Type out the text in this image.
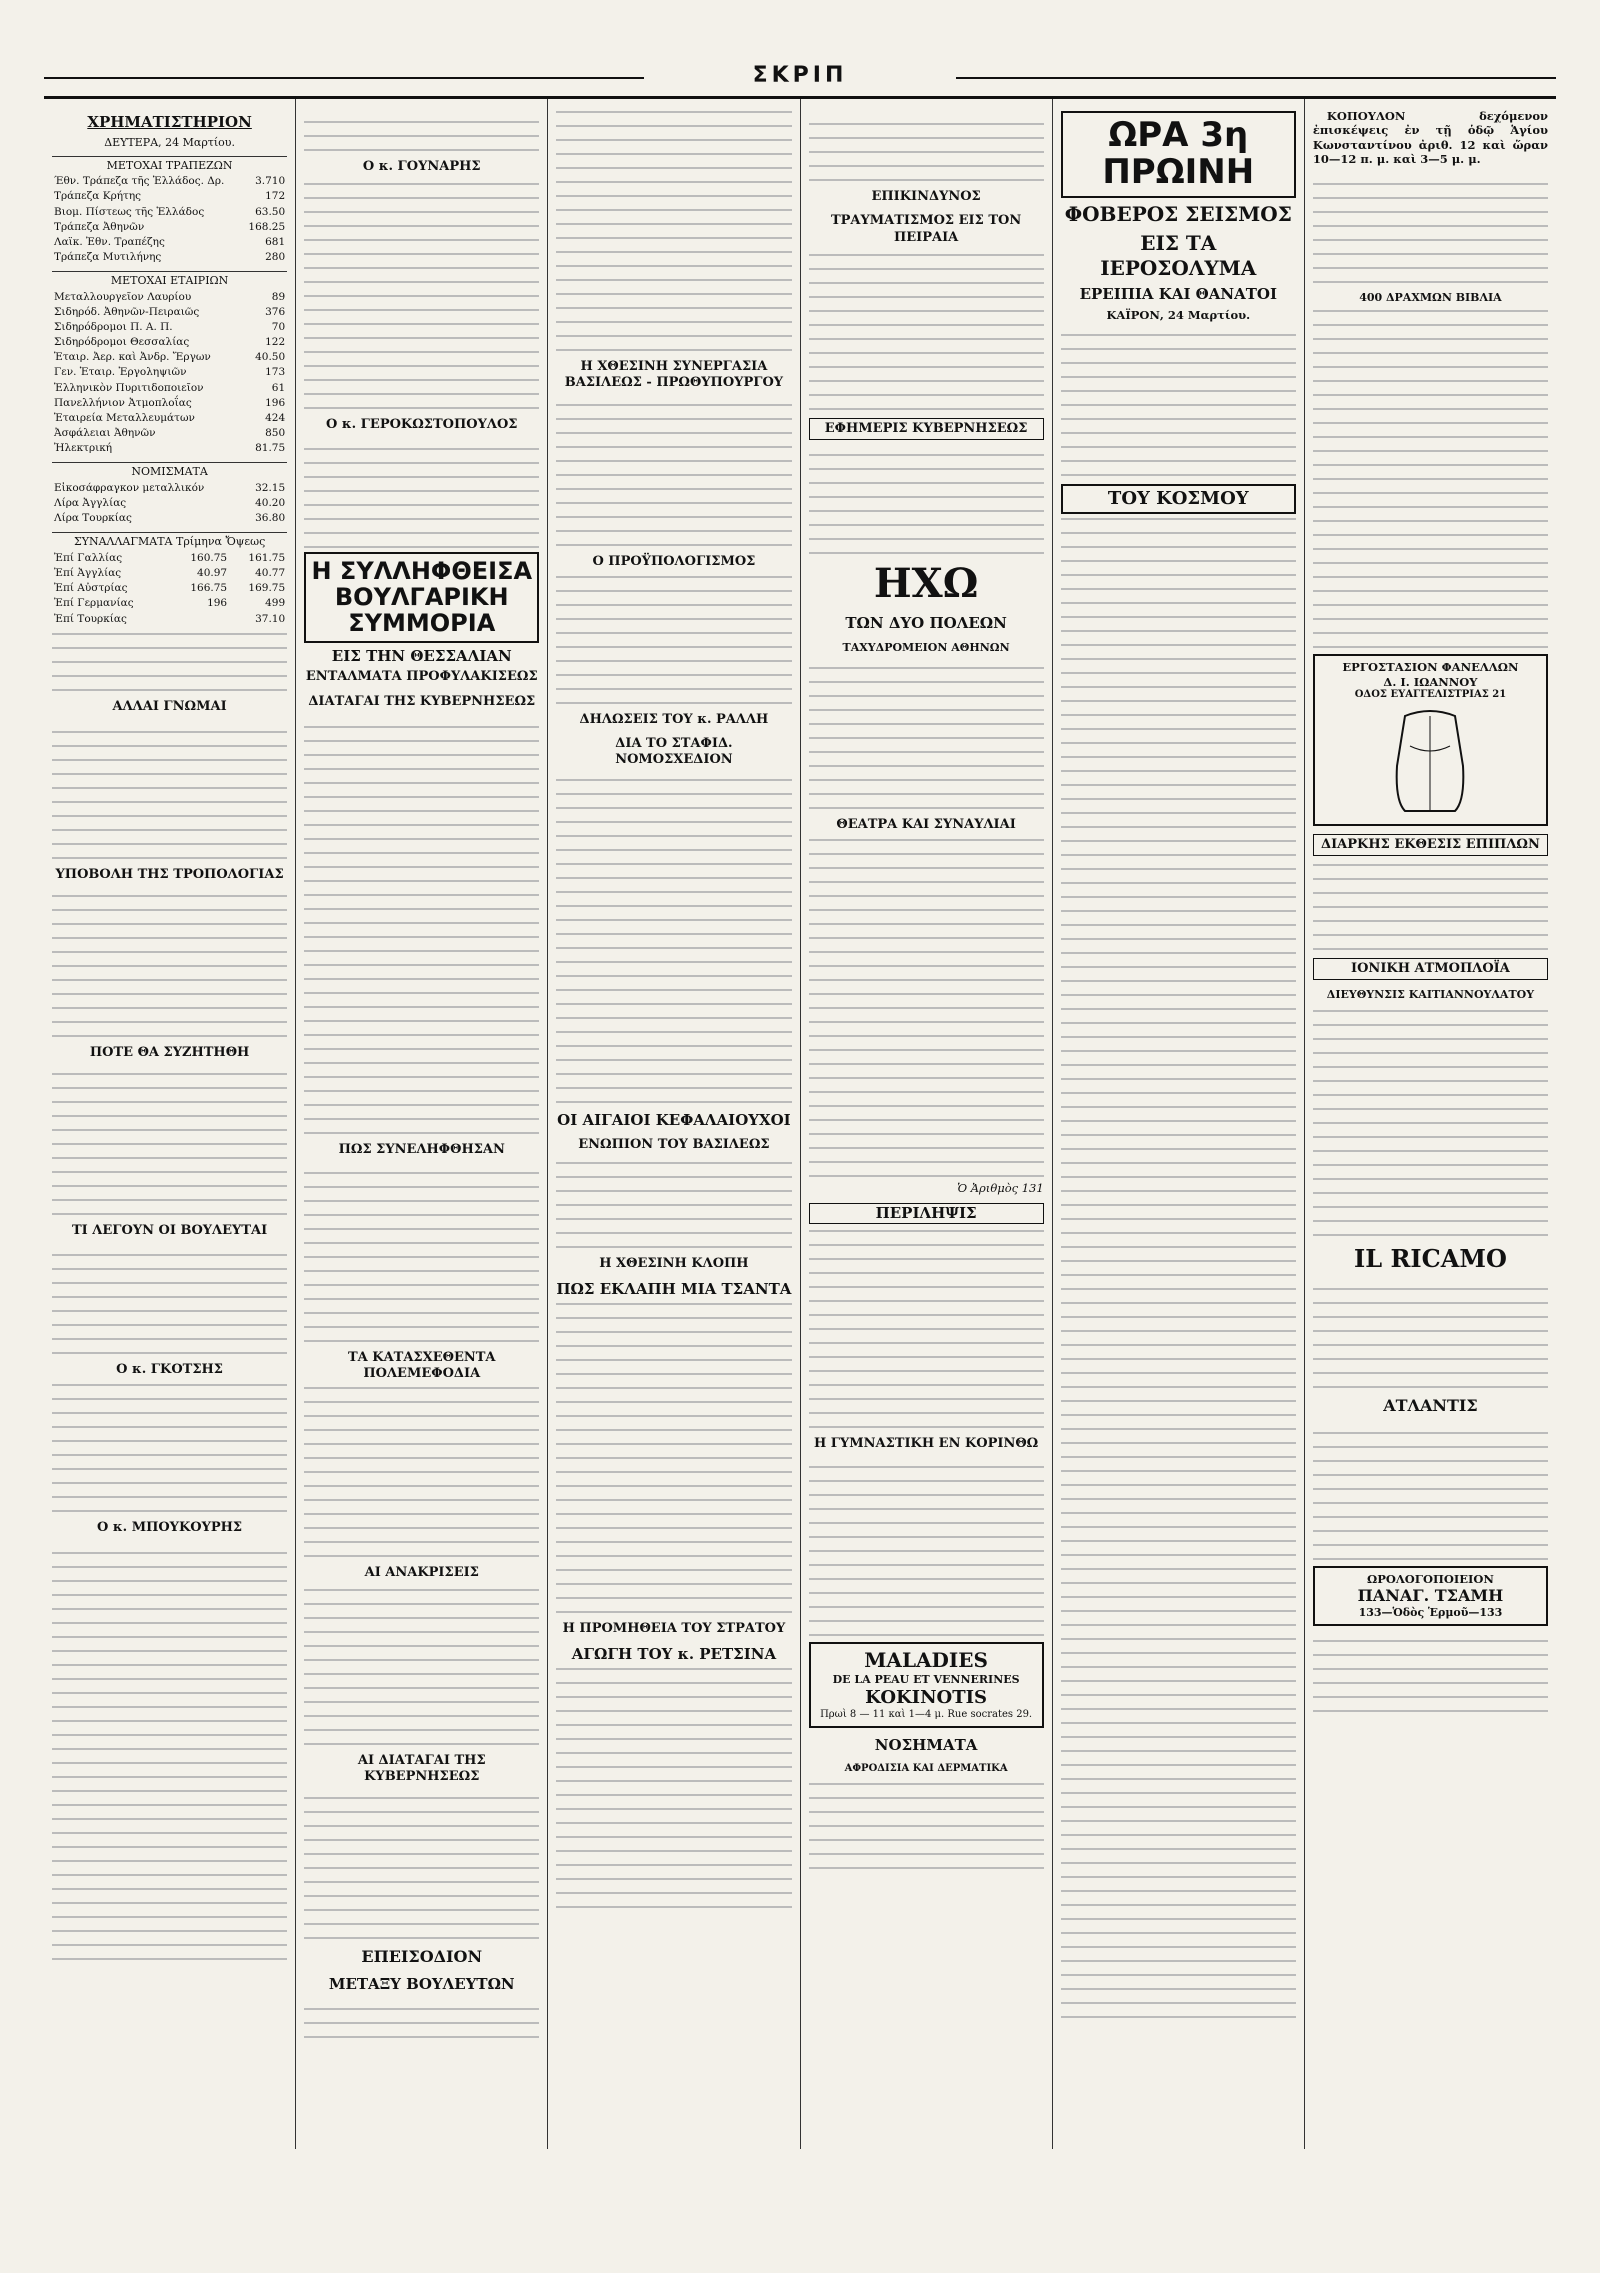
ΣΚΡΙΠ
ΧΡΗΜΑΤΙΣΤΗΡΙΟΝ
ΔΕΥΤΕΡΑ, 24 Μαρτίου.
ΜΕΤΟΧΑΙ ΤΡΑΠΕΖΩΝ
Έθν. Τράπεζα τῆς Ἑλλάδος. Δρ.	3.710
Τράπεζα Κρήτης	172
Βιομ. Πίστεως τῆς Ἑλλάδος	63.50
Τράπεζα Ἀθηνῶν	168.25
Λαϊκ. Ἐθν. Τραπέζης	681
Τράπεζα Μυτιλήνης	280
ΜΕΤΟΧΑΙ ΕΤΑΙΡΙΩΝ
Μεταλλουργεῖον Λαυρίου	89
Σιδηρόδ. Ἀθηνῶν-Πειραιῶς	376
Σιδηρόδρομοι Π. Α. Π.	70
Σιδηρόδρομοι Θεσσαλίας	122
Ἑταιρ. Ἀερ. καὶ Ἀνδρ. Ἔργων	40.50
Γεν. Ἑταιρ. Ἐργοληψιῶν	173
Ἑλληνικὸν Πυριτιδοποιεῖον	61
Πανελλήνιον Ἀτμοπλοΐας	196
Ἑταιρεία Μεταλλευμάτων	424
Ἀσφάλειαι Ἀθηνῶν	850
Ἠλεκτρική	81.75
ΝΟΜΙΣΜΑΤΑ
Εἰκοσάφραγκον μεταλλικόν	32.15
Λίρα Ἀγγλίας	40.20
Λίρα Τουρκίας	36.80
ΣΥΝΑΛΛΑΓΜΑΤΑ Τρίμηνα Ὄψεως
Ἐπί Γαλλίας	160.75	161.75
Ἐπί Ἀγγλίας	40.97	40.77
Ἐπί Αὐστρίας	166.75	169.75
Ἐπί Γερμανίας	196	499
Ἐπί Τουρκίας		37.10
ΑΛΛΑΙ ΓΝΩΜΑΙ
ΥΠΟΒΟΛΗ ΤΗΣ ΤΡΟΠΟΛΟΓΙΑΣ
ΠΟΤΕ ΘΑ ΣΥΖΗΤΗΘΗ
ΤΙ ΛΕΓΟΥΝ ΟΙ ΒΟΥΛΕΥΤΑΙ
Ο κ. ΓΚΟΤΣΗΣ
Ο κ. ΜΠΟΥΚΟΥΡΗΣ
Ο κ. ΓΟΥΝΑΡΗΣ
Ο κ. ΓΕΡΟΚΩΣΤΟΠΟΥΛΟΣ
Η ΣΥΛΛΗΦΘΕΙΣΑ ΒΟΥΛΓΑΡΙΚΗ ΣΥΜΜΟΡΙΑ
ΕΙΣ ΤΗΝ ΘΕΣΣΑΛΙΑΝ
ΕΝΤΑΛΜΑΤΑ ΠΡΟΦΥΛΑΚΙΣΕΩΣ
ΔΙΑΤΑΓΑΙ ΤΗΣ ΚΥΒΕΡΝΗΣΕΩΣ
ΠΩΣ ΣΥΝΕΛΗΦΘΗΣΑΝ
ΤΑ ΚΑΤΑΣΧΕΘΕΝΤΑ ΠΟΛΕΜΕΦΟΔΙΑ
ΑΙ ΑΝΑΚΡΙΣΕΙΣ
ΑΙ ΔΙΑΤΑΓΑΙ ΤΗΣ ΚΥΒΕΡΝΗΣΕΩΣ
ΕΠΕΙΣΟΔΙΟΝ
ΜΕΤΑΞΥ ΒΟΥΛΕΥΤΩΝ
Η ΧΘΕΣΙΝΗ ΣΥΝΕΡΓΑΣΙΑ ΒΑΣΙΛΕΩΣ - ΠΡΩΘΥΠΟΥΡΓΟΥ
Ο ΠΡΟΫΠΟΛΟΓΙΣΜΟΣ
ΔΗΛΩΣΕΙΣ ΤΟΥ κ. ΡΑΛΛΗ
ΔΙΑ ΤΟ ΣΤΑΦΙΔ. ΝΟΜΟΣΧΕΔΙΟΝ
ΟΙ ΑΙΓΑΙΟΙ ΚΕΦΑΛΑΙΟΥΧΟΙ
ΕΝΩΠΙΟΝ ΤΟΥ ΒΑΣΙΛΕΩΣ
Η ΧΘΕΣΙΝΗ ΚΛΟΠΗ
ΠΩΣ ΕΚΛΑΠΗ ΜΙΑ ΤΣΑΝΤΑ
Η ΠΡΟΜΗΘΕΙΑ ΤΟΥ ΣΤΡΑΤΟΥ
ΑΓΩΓΗ ΤΟΥ κ. ΡΕΤΣΙΝΑ
ΕΠΙΚΙΝΔΥΝΟΣ
ΤΡΑΥΜΑΤΙΣΜΟΣ ΕΙΣ ΤΟΝ ΠΕΙΡΑΙΑ
ΕΦΗΜΕΡΙΣ ΚΥΒΕΡΝΗΣΕΩΣ
ΗΧΩ
ΤΩΝ ΔΥΟ ΠΟΛΕΩΝ
ΤΑΧΥΔΡΟΜΕΙΟΝ ΑΘΗΝΩΝ
ΘΕΑΤΡΑ ΚΑΙ ΣΥΝΑΥΛΙΑΙ
Ὁ Ἀριθμὸς 131
ΠΕΡΙΛΗΨΙΣ
Η ΓΥΜΝΑΣΤΙΚΗ ΕΝ ΚΟΡΙΝΘΩ
MALADIES
DE LA PEAU ET VENNERINES
KOKINOTIS
Πρωὶ 8 — 11 καὶ 1—4 μ. Rue socrates 29.
ΝΟΣΗΜΑΤΑ
ΑΦΡΟΔΙΣΙΑ ΚΑΙ ΔΕΡΜΑΤΙΚΑ
ΩΡΑ 3η ΠΡΩΙΝΗ
ΦΟΒΕΡΟΣ ΣΕΙΣΜΟΣ
ΕΙΣ ΤΑ ΙΕΡΟΣΟΛΥΜΑ
ΕΡΕΙΠΙΑ ΚΑΙ ΘΑΝΑΤΟΙ
ΚΑΪΡΟΝ, 24 Μαρτίου.
ΤΟΥ ΚΟΣΜΟΥ

ΚΟΠΟΥΛΟΝ δεχόμενον ἐπισκέψεις ἐν τῇ ὁδῷ Ἁγίου Κωνσταντίνου ἀριθ. 12 καὶ ὥραν 10—12 π. μ. καὶ 3—5 μ. μ.

400 ΔΡΑΧΜΩΝ ΒΙΒΛΙΑ
ΕΡΓΟΣΤΑΣΙΟΝ ΦΑΝΕΛΛΩΝ
Δ. Ι. ΙΩΑΝΝΟΥ
ΟΔΟΣ ΕΥΑΓΓΕΛΙΣΤΡΙΑΣ 21
ΔΙΑΡΚΗΣ ΕΚΘΕΣΙΣ ΕΠΙΠΛΩΝ
ΙΟΝΙΚΗ ΑΤΜΟΠΛΟΪΑ
ΔΙΕΥΘΥΝΣΙΣ ΚΑΙΤΙΑΝΝΟΥΛΑΤΟΥ
IL RICAMO
ΑΤΛΑΝΤΙΣ
ΩΡΟΛΟΓΟΠΟΙΕΙΟΝ
ΠΑΝΑΓ. ΤΣΑΜΗ
133—Ὁδὸς Ἑρμοῦ—133
